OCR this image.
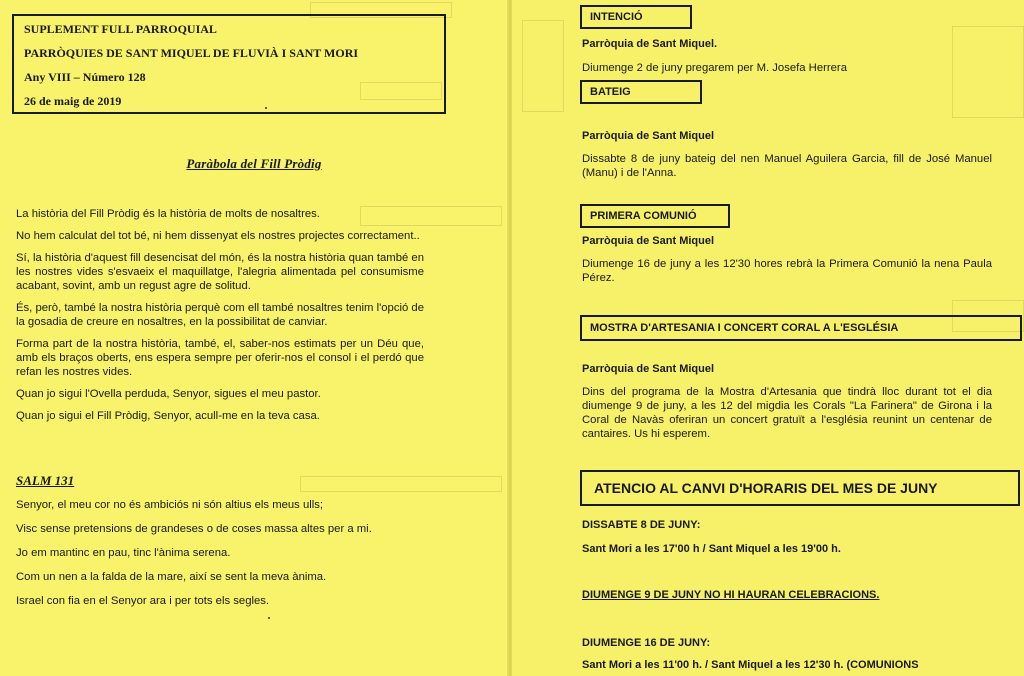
SUPLEMENT FULL PARROQUIAL
PARRÒQUIES DE SANT MIQUEL DE FLUVIÀ I SANT MORI
Any VIII – Número 128
26 de maig de 2019
Paràbola del Fill Pròdig

La història del Fill Pròdig és la història de molts de nosaltres.

No hem calculat del tot bé, ni hem dissenyat els nostres projectes correctament..

Sí, la història d'aquest fill desencisat del món, és la nostra història quan també en les nostres vides s'esvaeix el maquillatge, l'alegria alimentada pel consumisme acabant, sovint, amb un regust agre de solitud.

És, però, també la nostra història perquè com ell també nosaltres tenim l'opció de la gosadia de creure en nosaltres, en la possibilitat de canviar.

Forma part de la nostra història, també, el, saber-nos estimats per un Déu que, amb els braços oberts, ens espera sempre per oferir-nos el consol i el perdó que refan les nostres vides.

Quan jo sigui l'Ovella perduda, Senyor, sigues el meu pastor.

Quan jo sigui el Fill Pròdig, Senyor, acull-me en la teva casa.

SALM 131
Senyor, el meu cor no és ambiciós ni són altius els meus ulls;
Visc sense pretensions de grandeses o de coses massa altes per a mi.
Jo em mantinc en pau, tinc l'ànima serena.
Com un nen a la falda de la mare, així se sent la meva ànima.
Israel con fia en el Senyor ara i per tots els segles.
INTENCIÓ
Parròquia de Sant Miquel.
Diumenge 2 de juny pregarem per M. Josefa Herrera
BATEIG
Parròquia de Sant Miquel
Dissabte 8 de juny bateig del nen Manuel Aguilera Garcia, fill de José Manuel (Manu) i de l'Anna.
PRIMERA COMUNIÓ
Parròquia de Sant Miquel
Diumenge 16 de juny a les 12'30 hores rebrà la Primera Comunió la nena Paula Pérez.
MOSTRA D'ARTESANIA I CONCERT CORAL A L'ESGLÉSIA
Parròquia de Sant Miquel
Dins del programa de la Mostra d'Artesania que tindrà lloc durant tot el dia diumenge 9 de juny, a les 12 del migdia les Corals "La Farinera" de Girona i la Coral de Navàs oferiran un concert gratuït a l'església reunint un centenar de cantaires. Us hi esperem.
ATENCIO AL CANVI D'HORARIS DEL MES DE JUNY
DISSABTE 8 DE JUNY:
Sant Mori a les 17'00 h / Sant Miquel a les 19'00 h.
DIUMENGE 9 DE JUNY NO HI HAURAN CELEBRACIONS.
DIUMENGE 16 DE JUNY:
Sant Mori a les 11'00 h. / Sant Miquel a les 12'30 h. (COMUNIONS
